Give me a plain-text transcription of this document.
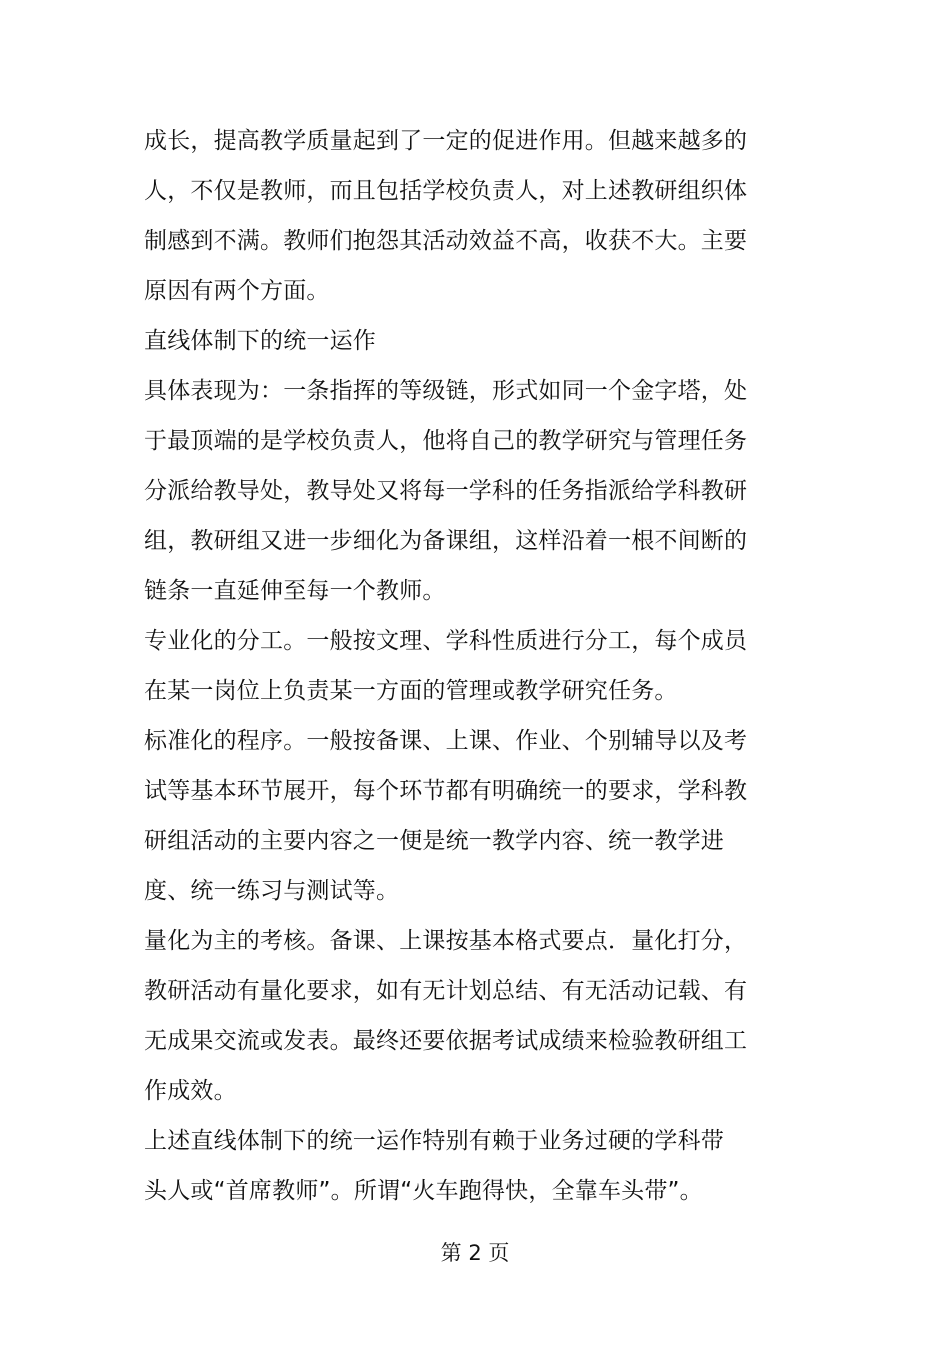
成长，提高教学质量起到了一定的促进作用。但越来越多的
人，不仅是教师，而且包括学校负责人，对上述教研组织体
制感到不满。教师们抱怨其活动效益不高，收获不大。主要
原因有两个方面。
直线体制下的统一运作
具体表现为：一条指挥的等级链，形式如同一个金字塔，处
于最顶端的是学校负责人，他将自己的教学研究与管理任务
分派给教导处，教导处又将每一学科的任务指派给学科教研
组，教研组又进一步细化为备课组，这样沿着一根不间断的
链条一直延伸至每一个教师。
专业化的分工。一般按文理、学科性质进行分工，每个成员
在某一岗位上负责某一方面的管理或教学研究任务。
标准化的程序。一般按备课、上课、作业、个别辅导以及考
试等基本环节展开，每个环节都有明确统一的要求，学科教
研组活动的主要内容之一便是统一教学内容、统一教学进
度、统一练习与测试等。
量化为主的考核。备课、上课按基本格式要点．量化打分，
教研活动有量化要求，如有无计划总结、有无活动记载、有
无成果交流或发表。最终还要依据考试成绩来检验教研组工
作成效。
上述直线体制下的统一运作特别有赖于业务过硬的学科带
头人或“首席教师”。所谓“火车跑得快，全靠车头带”。
第 2 页
